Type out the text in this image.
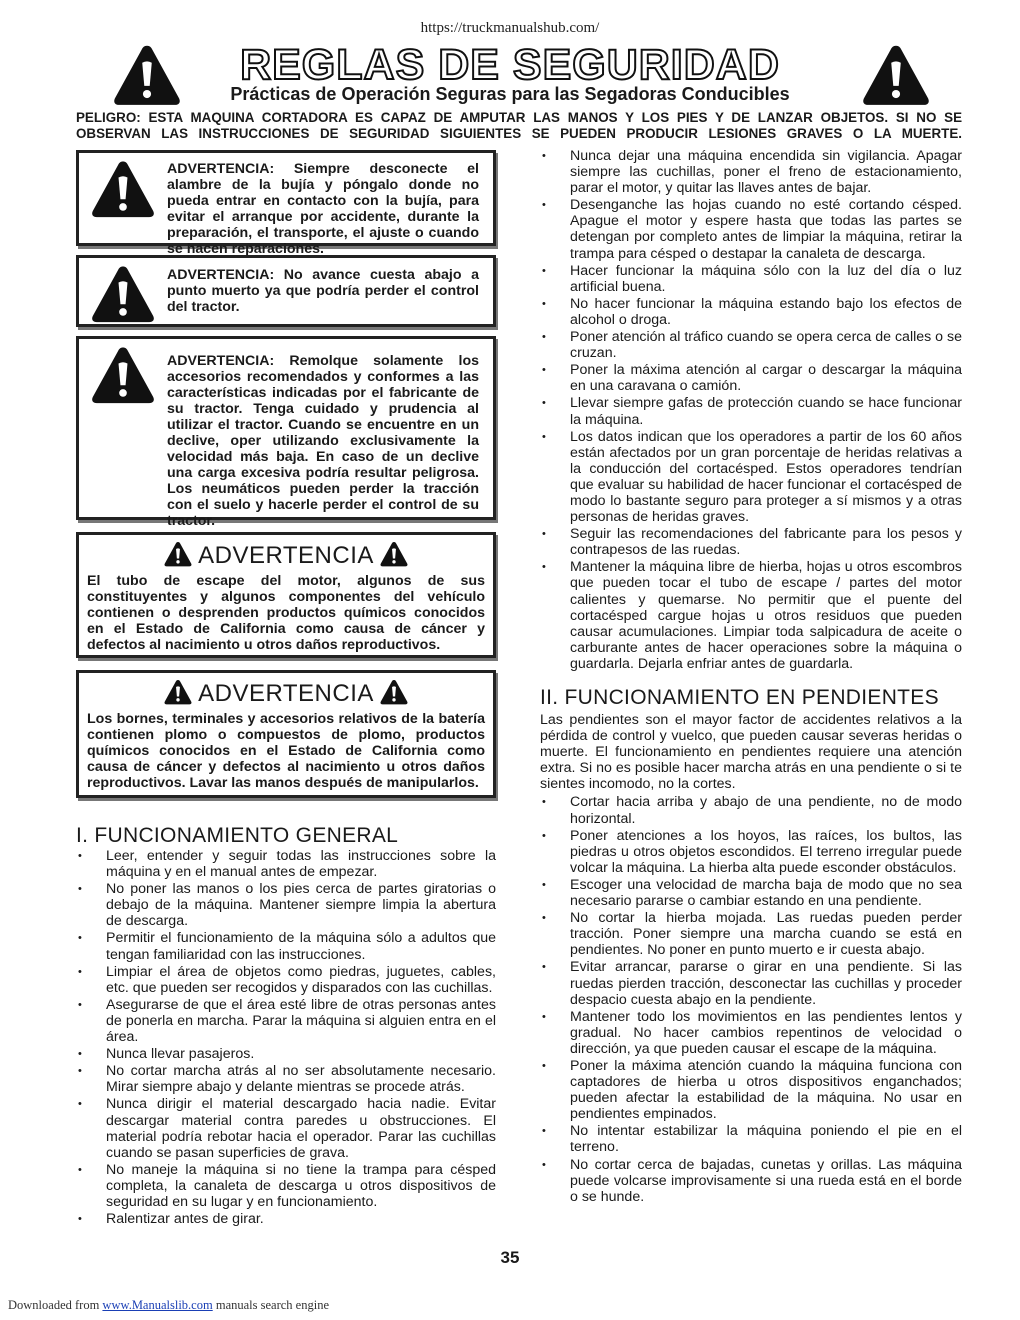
https://truckmanualshub.com/
REGLAS DE SEGURIDAD
Prácticas de Operación Seguras para las Segadoras Conducibles
PELIGRO: ESTA MAQUINA CORTADORA ES CAPAZ DE AMPUTAR LAS MANOS Y LOS PIES Y DE LANZAR OBJETOS. SI NO SE
OBSERVAN LAS INSTRUCCIONES DE SEGURIDAD SIGUIENTES SE PUEDEN PRODUCIR LESIONES GRAVES O LA MUERTE.
ADVERTENCIA: Siempre desconecte el alambre de la bujía y póngalo donde no pueda entrar en contacto con la bujía, para evitar el arranque por accidente, durante la preparación, el transporte, el ajuste o cuando se hacen reparaciones.
ADVERTENCIA: No avance cuesta abajo a punto muerto ya que podría perder el control del tractor.
ADVERTENCIA: Remolque solamente los accesorios recomendados y conformes a las características indicadas por el fabricante de su tractor. Tenga cuidado y prudencia al utilizar el tractor. Cuando se encuentre en un declive, oper utilizando exclusivamente la velocidad más baja. En caso de un declive una carga excesiva podría resultar peligrosa. Los neumáticos pueden perder la tracción con el suelo y hacerle perder el control de su tractor.
ADVERTENCIA
El tubo de escape del motor, algunos de sus constituyentes y algunos componentes del vehículo contienen o desprenden productos químicos conocidos en el Estado de California como causa de cáncer y defectos al nacimiento u otros daños reproductivos.
ADVERTENCIA
Los bornes, terminales y accesorios relativos de la batería contienen plomo o compuestos de plomo, productos químicos conocidos en el Estado de California como causa de cáncer y defectos al nacimiento u otros daños reproductivos. Lavar las manos después de manipularlos.
I. FUNCIONAMIENTO GENERAL
• Leer, entender y seguir todas las instrucciones sobre la máquina y en el manual antes de empezar.
• No poner las manos o los pies cerca de partes giratorias o debajo de la máquina. Mantener siempre limpia la abertura de descarga.
• Permitir el funcionamiento de la máquina sólo a adultos que tengan familiaridad con las instrucciones.
• Limpiar el área de objetos como piedras, juguetes, cables, etc. que pueden ser recogidos y disparados con las cuchillas.
• Asegurarse de que el área esté libre de otras personas antes de ponerla en marcha. Parar la máquina si alguien entra en el área.
• Nunca llevar pasajeros.
• No cortar marcha atrás al no ser absolutamente necesario. Mirar siempre abajo y delante mientras se procede atrás.
• Nunca dirigir el material descargado hacia nadie. Evitar descargar material contra paredes u obstrucciones. El material podría rebotar hacia el operador. Parar las cuchillas cuando se pasan superficies de grava.
• No maneje la máquina si no tiene la trampa para césped completa, la canaleta de descarga u otros dispositivos de seguridad en su lugar y en funcionamiento.
• Ralentizar antes de girar.
• Nunca dejar una máquina encendida sin vigilancia. Apagar siempre las cuchillas, poner el freno de estacionamiento, parar el motor, y quitar las llaves antes de bajar.
• Desenganche las hojas cuando no esté cortando césped. Apague el motor y espere hasta que todas las partes se detengan por completo antes de limpiar la máquina, retirar la trampa para césped o destapar la canaleta de descarga.
• Hacer funcionar la máquina sólo con la luz del día o luz artificial buena.
• No hacer funcionar la máquina estando bajo los efectos de alcohol o droga.
• Poner atención al tráfico cuando se opera cerca de calles o se cruzan.
• Poner la máxima atención al cargar o descargar la máquina en una caravana o camión.
• Llevar siempre gafas de protección cuando se hace funcionar la máquina.
• Los datos indican que los operadores a partir de los 60 años están afectados por un gran porcentaje de heridas relativas a la conducción del cortacésped. Estos operadores tendrían que evaluar su habilidad de hacer funcionar el cortacésped de modo lo bastante seguro para proteger a sí mismos y a otras personas de heridas graves.
• Seguir las recomendaciones del fabricante para los pesos y contrapesos de las ruedas.
• Mantener la máquina libre de hierba, hojas u otros escombros que pueden tocar el tubo de escape / partes del motor calientes y quemarse. No permitir que el puente del cortacésped cargue hojas u otros residuos que pueden causar acumulaciones. Limpiar toda salpicadura de aceite o carburante antes de hacer operaciones sobre la máquina o guardarla. Dejarla enfriar antes de guardarla.
II. FUNCIONAMIENTO EN PENDIENTES

Las pendientes son el mayor factor de accidentes relativos a la pérdida de control y vuelco, que pueden causar severas heridas o muerte. El funcionamiento en pendientes requiere una atención extra. Si no es posible hacer marcha atrás en una pendiente o si te sientes incomodo, no la cortes.

• Cortar hacia arriba y abajo de una pendiente, no de modo horizontal.
• Poner atenciones a los hoyos, las raíces, los bultos, las piedras u otros objetos escondidos. El terreno irregular puede volcar la máquina. La hierba alta puede esconder obstáculos.
• Escoger una velocidad de marcha baja de modo que no sea necesario pararse o cambiar estando en una pendiente.
• No cortar la hierba mojada. Las ruedas pueden perder tracción. Poner siempre una marcha cuando se está en pendientes. No poner en punto muerto e ir cuesta abajo.
• Evitar arrancar, pararse o girar en una pendiente. Si las ruedas pierden tracción, desconectar las cuchillas y proceder despacio cuesta abajo en la pendiente.
• Mantener todo los movimientos en las pendientes lentos y gradual. No hacer cambios repentinos de velocidad o dirección, ya que pueden causar el escape de la máquina.
• Poner la máxima atención cuando la máquina funciona con captadores de hierba u otros dispositivos enganchados; pueden afectar la estabilidad de la máquina. No usar en pendientes empinados.
• No intentar estabilizar la máquina poniendo el pie en el terreno.
• No cortar cerca de bajadas, cunetas y orillas. Las máquina puede volcarse improvisamente si una rueda está en el borde o se hunde.
35
Downloaded from www.Manualslib.com manuals search engine
